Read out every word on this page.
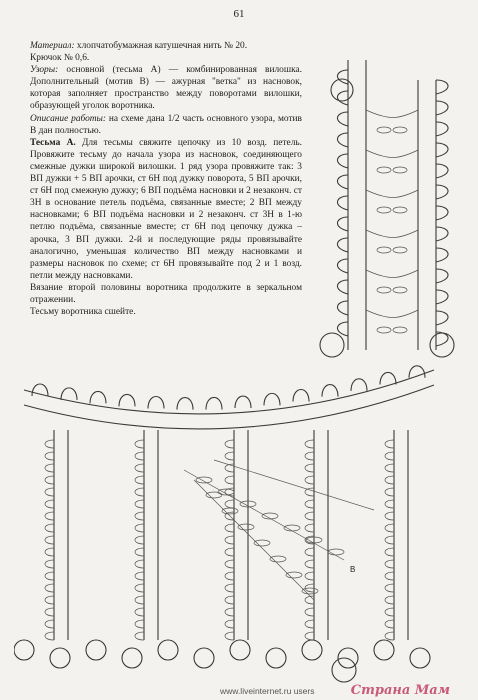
61

Материал: хлопчатобумажная катушечная нить № 20.

Крючок № 0,6.

Узоры: основной (тесьма А) — комбинированная вилошка. Дополнительный (мотив В) — ажурная "ветка" из насновок, которая заполняет пространство между поворотами вилошки, образующей уголок воротника.

Описание работы: на схеме дана 1/2 часть основного узора, мотив В дан полностью.

Тесьма А. Для тесьмы свяжите цепочку из 10 возд. петель. Провяжите тесьму до начала узора из насновок, соединяющего смежные дужки широкой вилошки. 1 ряд узора провяжите так: 3 ВП дужки + 5 ВП арочки, ст 6Н под дужку поворота, 5 ВП арочки, ст 6Н под смежную дужку; 6 ВП подъёма насновки и 2 незаконч. ст 3Н в основание петель подъёма, связанные вместе; 2 ВП между насновками; 6 ВП подъёма насновки и 2 незаконч. ст 3Н в 1-ю петлю подъёма, связанные вместе; ст 6Н под цепочку дужка – арочка, 3 ВП дужки. 2-й и последующие ряды провязывайте аналогично, уменьшая количество ВП между насновками и размеры насновок по схеме; ст 6Н провязывайте под 2 и 1 возд. петли между насновками.

Вязание второй половины воротника продолжите в зеркальном отражении.

Тесьму воротника сшейте.

В
www.liveinternet.ru users	Страна Мам
